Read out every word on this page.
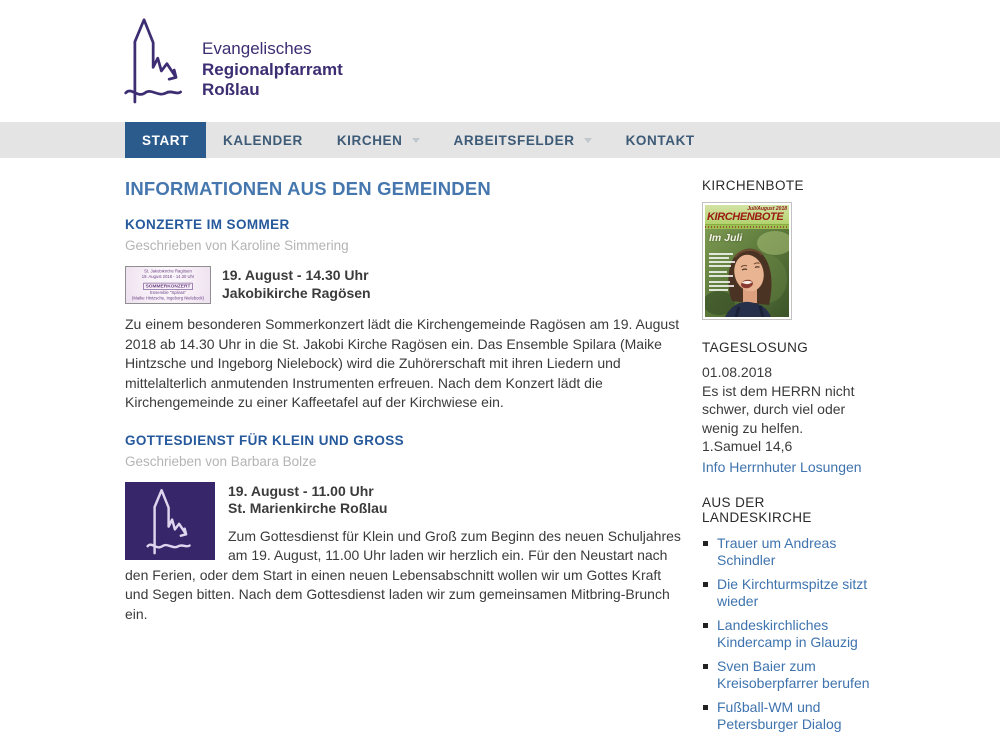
Evangelisches
Regionalpfarramt
Roßlau
START	KALENDER	KIRCHEN	ARBEITSFELDER	KONTAKT
INFORMATIONEN AUS DEN GEMEINDEN
KONZERTE IM SOMMER
Geschrieben von Karoline Simmering
St. Jakobikirche Ragösen
19. August 2018 - 14.30 Uhr
SOMMERKONZERT
Ensemble "Spilara"
(Maike Hintzsche, Ingeborg Nielebock)
19. August - 14.30 Uhr
Jakobikirche Ragösen

Zu einem besonderen Sommerkonzert lädt die Kirchengemeinde Ragösen am 19. August 2018 ab 14.30 Uhr in die St. Jakobi Kirche Ragösen ein. Das Ensemble Spilara (Maike Hintzsche und Ingeborg Nielebock) wird die Zuhörerschaft mit ihren Liedern und mittelalterlich anmutenden Instrumenten erfreuen. Nach dem Konzert lädt die Kirchengemeinde zu einer Kaffeetafel auf der Kirchwiese ein.

GOTTESDIENST FÜR KLEIN UND GROSS
Geschrieben von Barbara Bolze
19. August - 11.00 Uhr
St. Marienkirche Roßlau

Zum Gottesdienst für Klein und Groß zum Beginn des neuen Schuljahres am 19. August, 11.00 Uhr laden wir herzlich ein. Für den Neustart nach den Ferien, oder dem Start in einen neuen Lebensabschnitt wollen wir um Gottes Kraft und Segen bitten. Nach dem Gottesdienst laden wir zum gemeinsamen Mitbring-Brunch ein.

KIRCHENBOTE
Juli/August 2018
KIRCHENBOTE
Im Juli
TAGESLOSUNG
01.08.2018
Es ist dem HERRN nicht schwer, durch viel oder wenig zu helfen.
1.Samuel 14,6
Info Herrnhuter Losungen
AUS DER LANDESKIRCHE
Trauer um Andreas Schindler
Die Kirchturmspitze sitzt wieder
Landeskirchliches Kindercamp in Glauzig
Sven Baier zum Kreisoberpfarrer berufen
Fußball-WM und Petersburger Dialog
